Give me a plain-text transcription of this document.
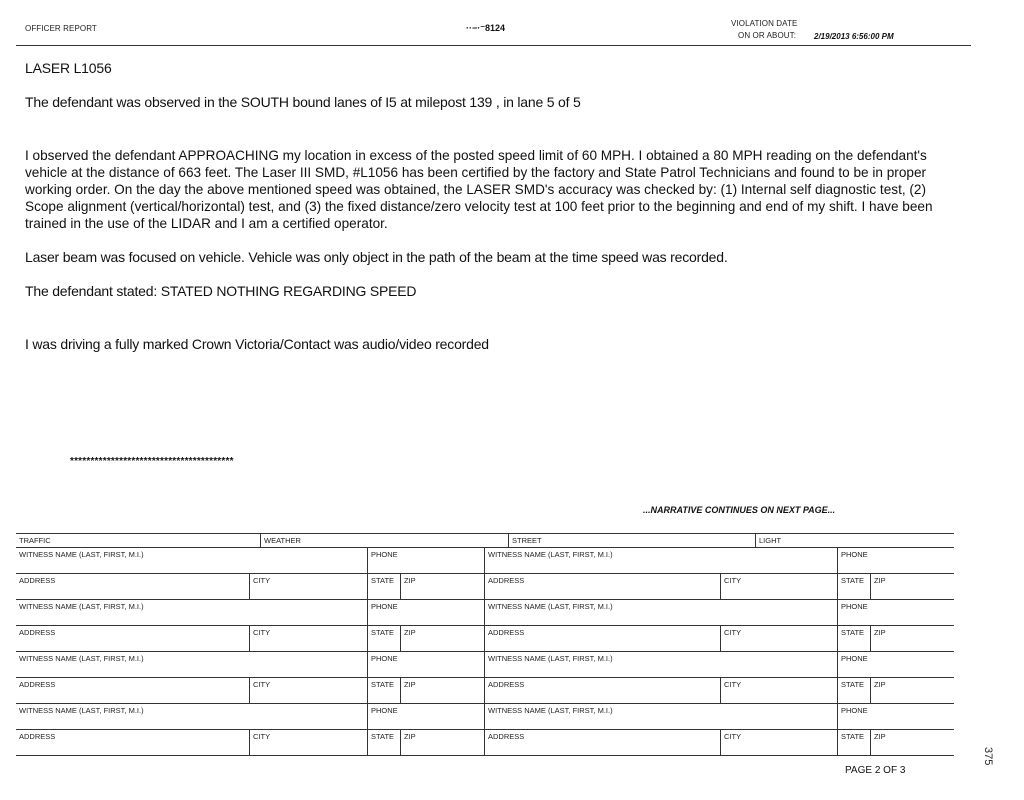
OFFICER REPORT	··−·⁻8124	VIOLATION DATE
ON OR ABOUT: 2/19/2013 6:56:00 PM
LASER L1056
The defendant was observed in the SOUTH bound lanes of I5 at milepost 139 , in lane 5 of 5
I observed the defendant APPROACHING my location in excess of the posted speed limit of 60 MPH. I obtained a 80 MPH reading on the defendant's vehicle at the distance of 663 feet. The Laser III SMD, #L1056 has been certified by the factory and State Patrol Technicians and found to be in proper working order. On the day the above mentioned speed was obtained, the LASER SMD's accuracy was checked by: (1) Internal self diagnostic test, (2) Scope alignment (vertical/horizontal) test, and (3) the fixed distance/zero velocity test at 100 feet prior to the beginning and end of my shift. I have been trained in the use of the LIDAR and I am a certified operator.
Laser beam was focused on vehicle. Vehicle was only object in the path of the beam at the time speed was recorded.
The defendant stated: STATED NOTHING REGARDING SPEED
I was driving a fully marked Crown Victoria/Contact was audio/video recorded
****************************************
...NARRATIVE CONTINUES ON NEXT PAGE...
TRAFFIC	WEATHER	STREET	LIGHT
WITNESS NAME (LAST, FIRST, M.I.)	PHONE	WITNESS NAME (LAST, FIRST, M.I.)	PHONE
ADDRESS	CITY	STATE	ZIP	ADDRESS	CITY	STATE	ZIP
WITNESS NAME (LAST, FIRST, M.I.)	PHONE	WITNESS NAME (LAST, FIRST, M.I.)	PHONE
ADDRESS	CITY	STATE	ZIP	ADDRESS	CITY	STATE	ZIP
WITNESS NAME (LAST, FIRST, M.I.)	PHONE	WITNESS NAME (LAST, FIRST, M.I.)	PHONE
ADDRESS	CITY	STATE	ZIP	ADDRESS	CITY	STATE	ZIP
WITNESS NAME (LAST, FIRST, M.I.)	PHONE	WITNESS NAME (LAST, FIRST, M.I.)	PHONE
ADDRESS	CITY	STATE	ZIP	ADDRESS	CITY	STATE	ZIP
PAGE 2 OF 3
375
